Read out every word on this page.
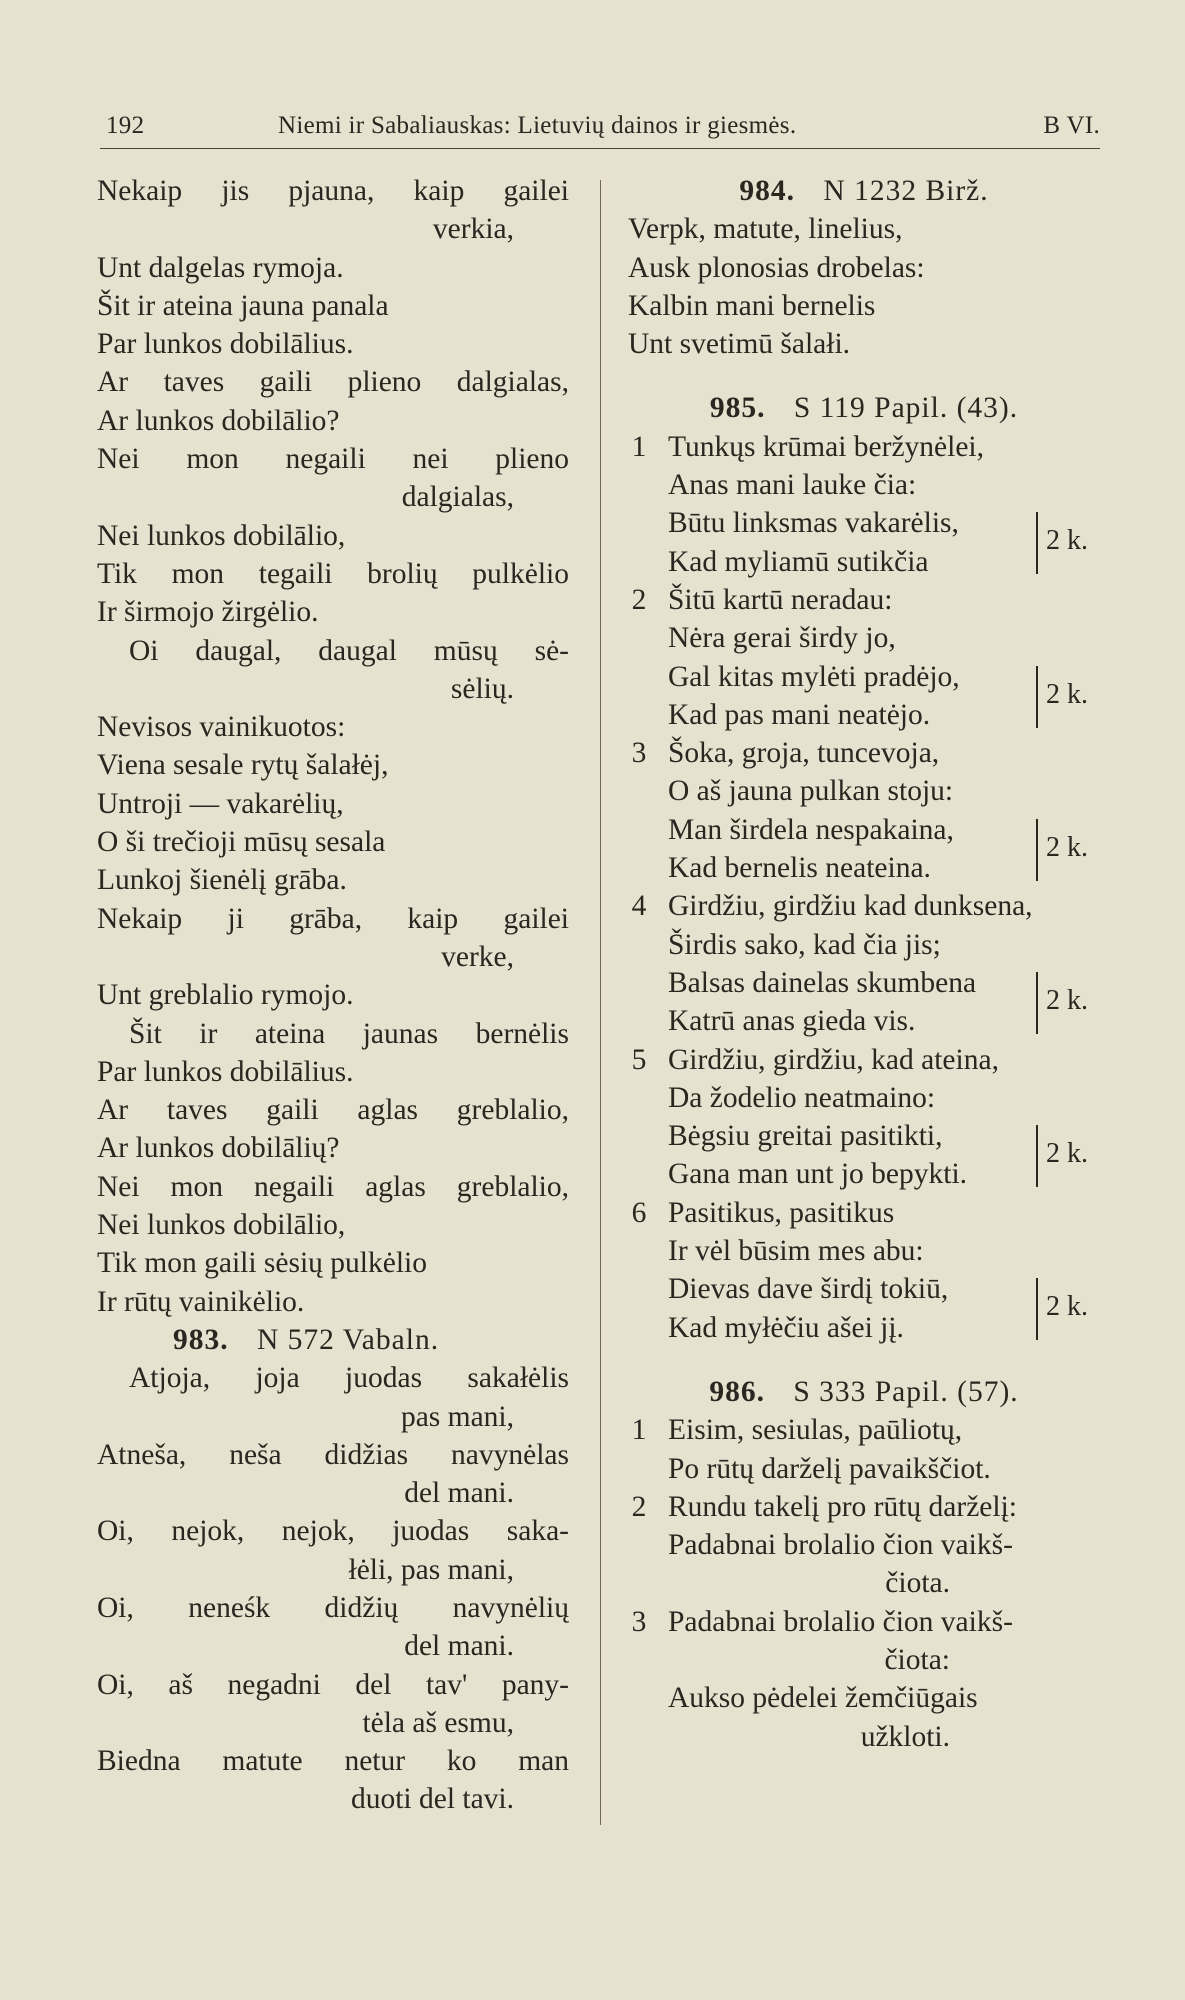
192	Niemi ir Sabaliauskas: Lietuvių dainos ir giesmės.	B VI.
Nekaip jis pjauna, kaip gailei
verkia,
Unt dalgelas rymoja.
Šit ir ateina jauna panala
Par lunkos dobilālius.
Ar taves gaili plieno dalgialas,
Ar lunkos dobilālio?
Nei mon negaili nei plieno
dalgialas,
Nei lunkos dobilālio,
Tik mon tegaili brolių pulkėlio
Ir širmojo žirgėlio.
Oi daugal, daugal mūsų sė-
sėlių.
Nevisos vainikuotos:
Viena sesale rytų šalałėj,
Untroji — vakarėlių,
O ši trečioji mūsų sesala
Lunkoj šienėlį grāba.
Nekaip ji grāba, kaip gailei
verke,
Unt greblalio rymojo.
Šit ir ateina jaunas bernėlis
Par lunkos dobilālius.
Ar taves gaili aglas greblalio,
Ar lunkos dobilālių?
Nei mon negaili aglas greblalio,
Nei lunkos dobilālio,
Tik mon gaili sėsių pulkėlio
Ir rūtų vainikėlio.
983. N 572 Vabaln.
Atjoja, joja juodas sakałėlis
pas mani,
Atneša, neša didžias navynėlas
del mani.
Oi, nejok, nejok, juodas saka-
łėli, pas mani,
Oi, neneśk didžių navynėlių
del mani.
Oi, aš negadni del tav' pany-
tėla aš esmu,
Biedna matute netur ko man
duoti del tavi.
984. N 1232 Birž.
Verpk, matute, linelius,
Ausk plonosias drobelas:
Kalbin mani bernelis
Unt svetimū šalałi.
985. S 119 Papil. (43).
1 Tunkųs krūmai beržynėlei,
Anas mani lauke čia:
Būtu linksmas vakarėlis,
2 k.
Kad myliamū sutikčia
2 Šitū kartū neradau:
Nėra gerai širdy jo,
Gal kitas mylėti pradėjo,
2 k.
Kad pas mani neatėjo.
3 Šoka, groja, tuncevoja,
O aš jauna pulkan stoju:
Man širdela nespakaina,
2 k.
Kad bernelis neateina.
4 Girdžiu, girdžiu kad dunksena,
Širdis sako, kad čia jis;
Balsas dainelas skumbena
2 k.
Katrū anas gieda vis.
5 Girdžiu, girdžiu, kad ateina,
Da žodelio neatmaino:
Bėgsiu greitai pasitikti,
2 k.
Gana man unt jo bepykti.
6 Pasitikus, pasitikus
Ir vėl būsim mes abu:
Dievas dave širdį tokiū,
2 k.
Kad myłėčiu ašei jį.
986. S 333 Papil. (57).
1 Eisim, sesiulas, paūliotų,
Po rūtų darželį pavaikščiot.
2 Rundu takelį pro rūtų darželį:
Padabnai brolalio čion vaikš-
čiota.
3 Padabnai brolalio čion vaikš-
čiota:
Aukso pėdelei žemčiūgais
užkloti.
